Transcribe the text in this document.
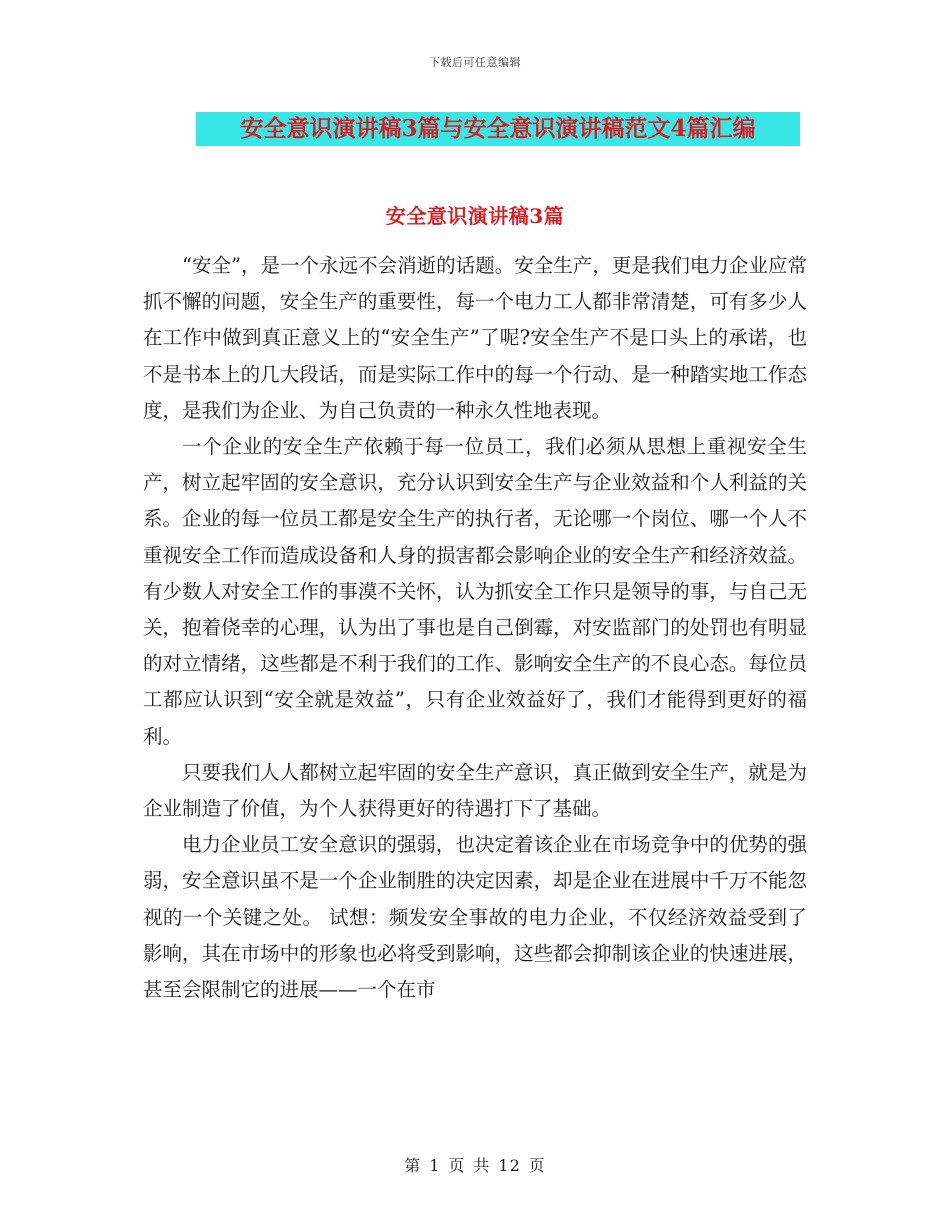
下载后可任意编辑
安全意识演讲稿3篇与安全意识演讲稿范文4篇汇编
安全意识演讲稿3篇

“安全”，是一个永远不会消逝的话题。安全生产，更是我们电力企业应常抓不懈的问题，安全生产的重要性，每一个电力工人都非常清楚，可有多少人在工作中做到真正意义上的“安全生产”了呢?安全生产不是口头上的承诺，也不是书本上的几大段话，而是实际工作中的每一个行动、是一种踏实地工作态度，是我们为企业、为自己负责的一种永久性地表现。

一个企业的安全生产依赖于每一位员工，我们必须从思想上重视安全生产，树立起牢固的安全意识，充分认识到安全生产与企业效益和个人利益的关系。企业的每一位员工都是安全生产的执行者，无论哪一个岗位、哪一个人不重视安全工作而造成设备和人身的损害都会影响企业的安全生产和经济效益。有少数人对安全工作的事漠不关怀，认为抓安全工作只是领导的事，与自己无关，抱着侥幸的心理，认为出了事也是自己倒霉，对安监部门的处罚也有明显的对立情绪，这些都是不利于我们的工作、影响安全生产的不良心态。每位员工都应认识到“安全就是效益”，只有企业效益好了，我们才能得到更好的福利。

只要我们人人都树立起牢固的安全生产意识，真正做到安全生产，就是为企业制造了价值，为个人获得更好的待遇打下了基础。

电力企业员工安全意识的强弱，也决定着该企业在市场竞争中的优势的强弱，安全意识虽不是一个企业制胜的决定因素，却是企业在进展中千万不能忽视的一个关键之处。 试想：频发安全事故的电力企业，不仅经济效益受到了影响，其在市场中的形象也必将受到影响，这些都会抑制该企业的快速进展，甚至会限制它的进展——一个在市

第 1 页 共 12 页
